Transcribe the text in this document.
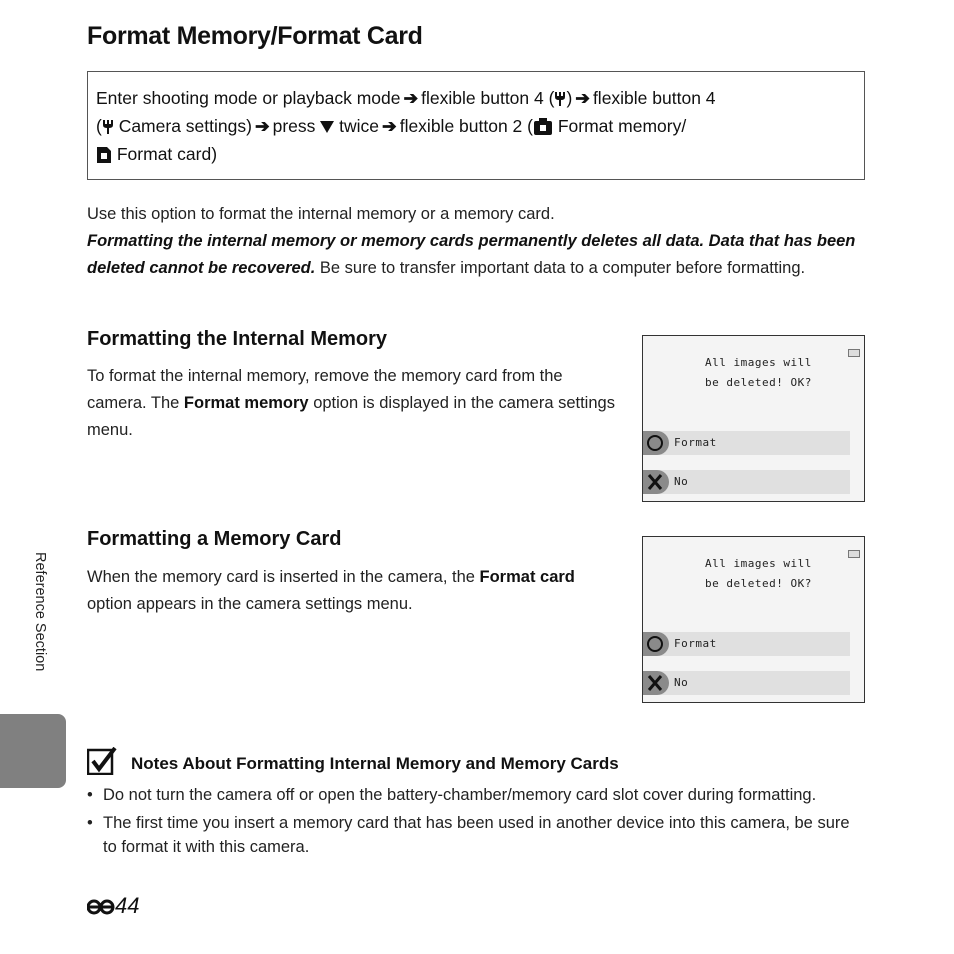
Format Memory/Format Card
Enter shooting mode or playback mode ➔ flexible button 4 ( ) ➔ flexible button 4
( Camera settings) ➔ press twice ➔ flexible button 2 ( Format memory/
Format card)
Use this option to format the internal memory or a memory card.
Formatting the internal memory or memory cards permanently deletes all data. Data that has been deleted cannot be recovered. Be sure to transfer important data to a computer before formatting.
Formatting the Internal Memory
To format the internal memory, remove the memory card from the camera. The Format memory option is displayed in the camera settings menu.
All images will
be deleted! OK?
Format
No
Formatting a Memory Card
When the memory card is inserted in the camera, the Format card option appears in the camera settings menu.
All images will
be deleted! OK?
Format
No
Reference Section
Notes About Formatting Internal Memory and Memory Cards
• Do not turn the camera off or open the battery-chamber/memory card slot cover during formatting.
• The first time you insert a memory card that has been used in another device into this camera, be sure to format it with this camera.
44
